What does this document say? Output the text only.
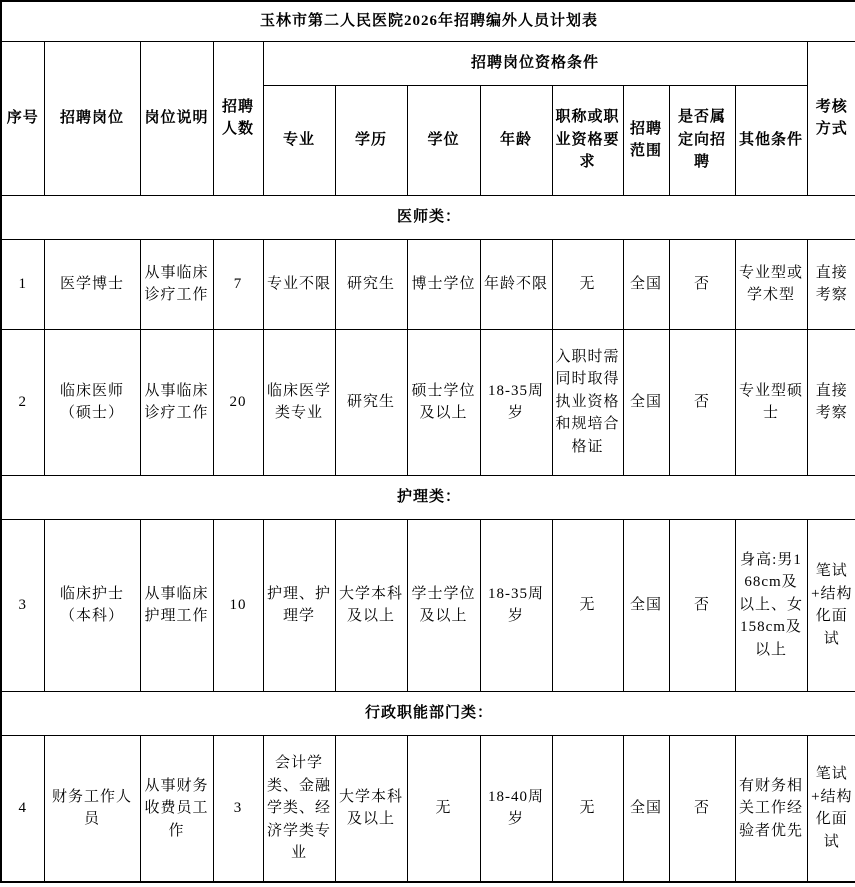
玉林市第二人民医院2026年招聘编外人员计划表												
序号	招聘岗位	岗位说明	招聘人数	招聘岗位资格条件								考核方式
				专业	学历	学位	年龄	职称或职业资格要求	招聘范围	是否属定向招聘	其他条件	
医师类：												
1	医学博士	从事临床诊疗工作	7	专业不限	研究生	博士学位	年龄不限	无	全国	否	专业型或学术型	直接考察
2	临床医师（硕士）	从事临床诊疗工作	20	临床医学类专业	研究生	硕士学位及以上	18-35周岁	入职时需同时取得执业资格和规培合格证	全国	否	专业型硕士	直接考察
护理类：												
3	临床护士（本科）	从事临床护理工作	10	护理、护理学	大学本科及以上	学士学位及以上	18-35周岁	无	全国	否	身高:男168cm及以上、女158cm及以上	笔试+结构化面试
行政职能部门类：												
4	财务工作人员	从事财务收费员工作	3	会计学类、金融学类、经济学类专业	大学本科及以上	无	18-40周岁	无	全国	否	有财务相关工作经验者优先	笔试+结构化面试
